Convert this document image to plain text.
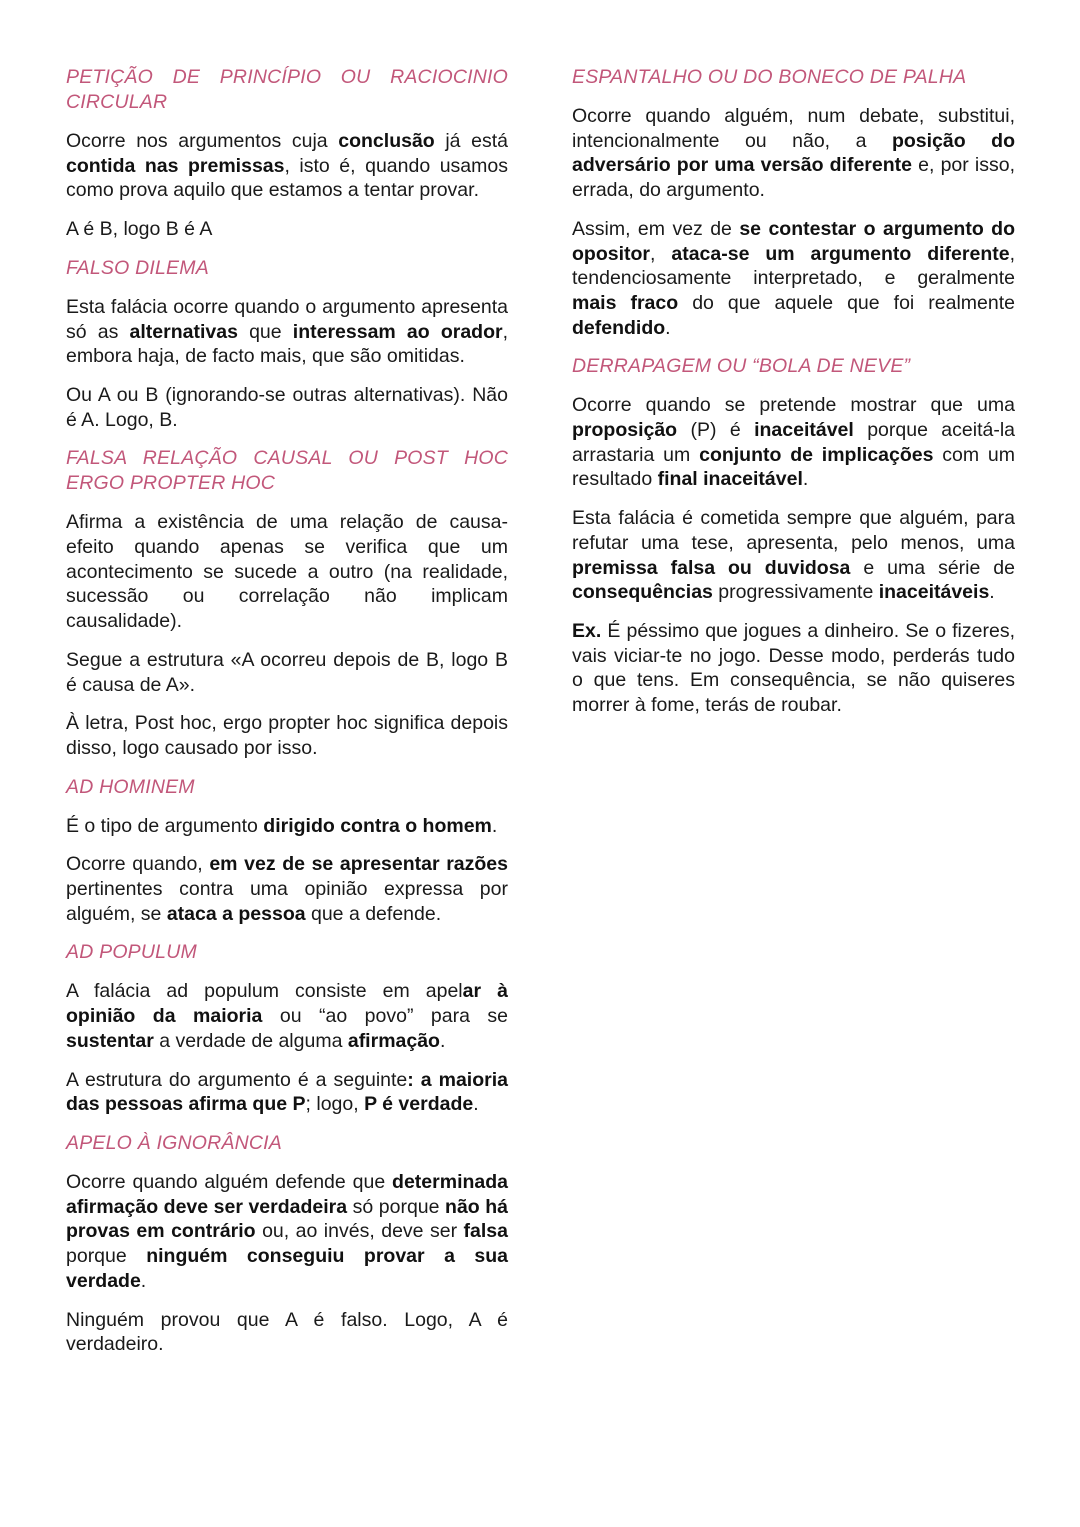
PETIÇÃO DE PRINCÍPIO OU RACIOCINIO CIRCULAR
Ocorre nos argumentos cuja conclusão já está contida nas premissas, isto é, quando usamos como prova aquilo que estamos a tentar provar.
A é B, logo B é A
FALSO DILEMA
Esta falácia ocorre quando o argumento apresenta só as alternativas que interessam ao orador, embora haja, de facto mais, que são omitidas.
Ou A ou B (ignorando-se outras alternativas). Não é A. Logo, B.
FALSA RELAÇÃO CAUSAL OU POST HOC ERGO PROPTER HOC
Afirma a existência de uma relação de causa-efeito quando apenas se verifica que um acontecimento se sucede a outro (na realidade, sucessão ou correlação não implicam causalidade).
Segue a estrutura «A ocorreu depois de B, logo B é causa de A».
À letra, Post hoc, ergo propter hoc significa depois disso, logo causado por isso.
AD HOMINEM
É o tipo de argumento dirigido contra o homem.
Ocorre quando, em vez de se apresentar razões pertinentes contra uma opinião expressa por alguém, se ataca a pessoa que a defende.
AD POPULUM
A falácia ad populum consiste em apelar à opinião da maioria ou “ao povo” para se sustentar a verdade de alguma afirmação.
A estrutura do argumento é a seguinte: a maioria das pessoas afirma que P; logo, P é verdade.
APELO À IGNORÂNCIA
Ocorre quando alguém defende que determinada afirmação deve ser verdadeira só porque não há provas em contrário ou, ao invés, deve ser falsa porque ninguém conseguiu provar a sua verdade.
Ninguém provou que A é falso. Logo, A é verdadeiro.
ESPANTALHO OU DO BONECO DE PALHA
Ocorre quando alguém, num debate, substitui, intencionalmente ou não, a posição do adversário por uma versão diferente e, por isso, errada, do argumento.
Assim, em vez de se contestar o argumento do opositor, ataca-se um argumento diferente, tendenciosamente interpretado, e geralmente mais fraco do que aquele que foi realmente defendido.
DERRAPAGEM OU “BOLA DE NEVE”
Ocorre quando se pretende mostrar que uma proposição (P) é inaceitável porque aceitá-la arrastaria um conjunto de implicações com um resultado final inaceitável.
Esta falácia é cometida sempre que alguém, para refutar uma tese, apresenta, pelo menos, uma premissa falsa ou duvidosa e uma série de consequências progressivamente inaceitáveis.
Ex. É péssimo que jogues a dinheiro. Se o fizeres, vais viciar-te no jogo. Desse modo, perderás tudo o que tens. Em consequência, se não quiseres morrer à fome, terás de roubar.
